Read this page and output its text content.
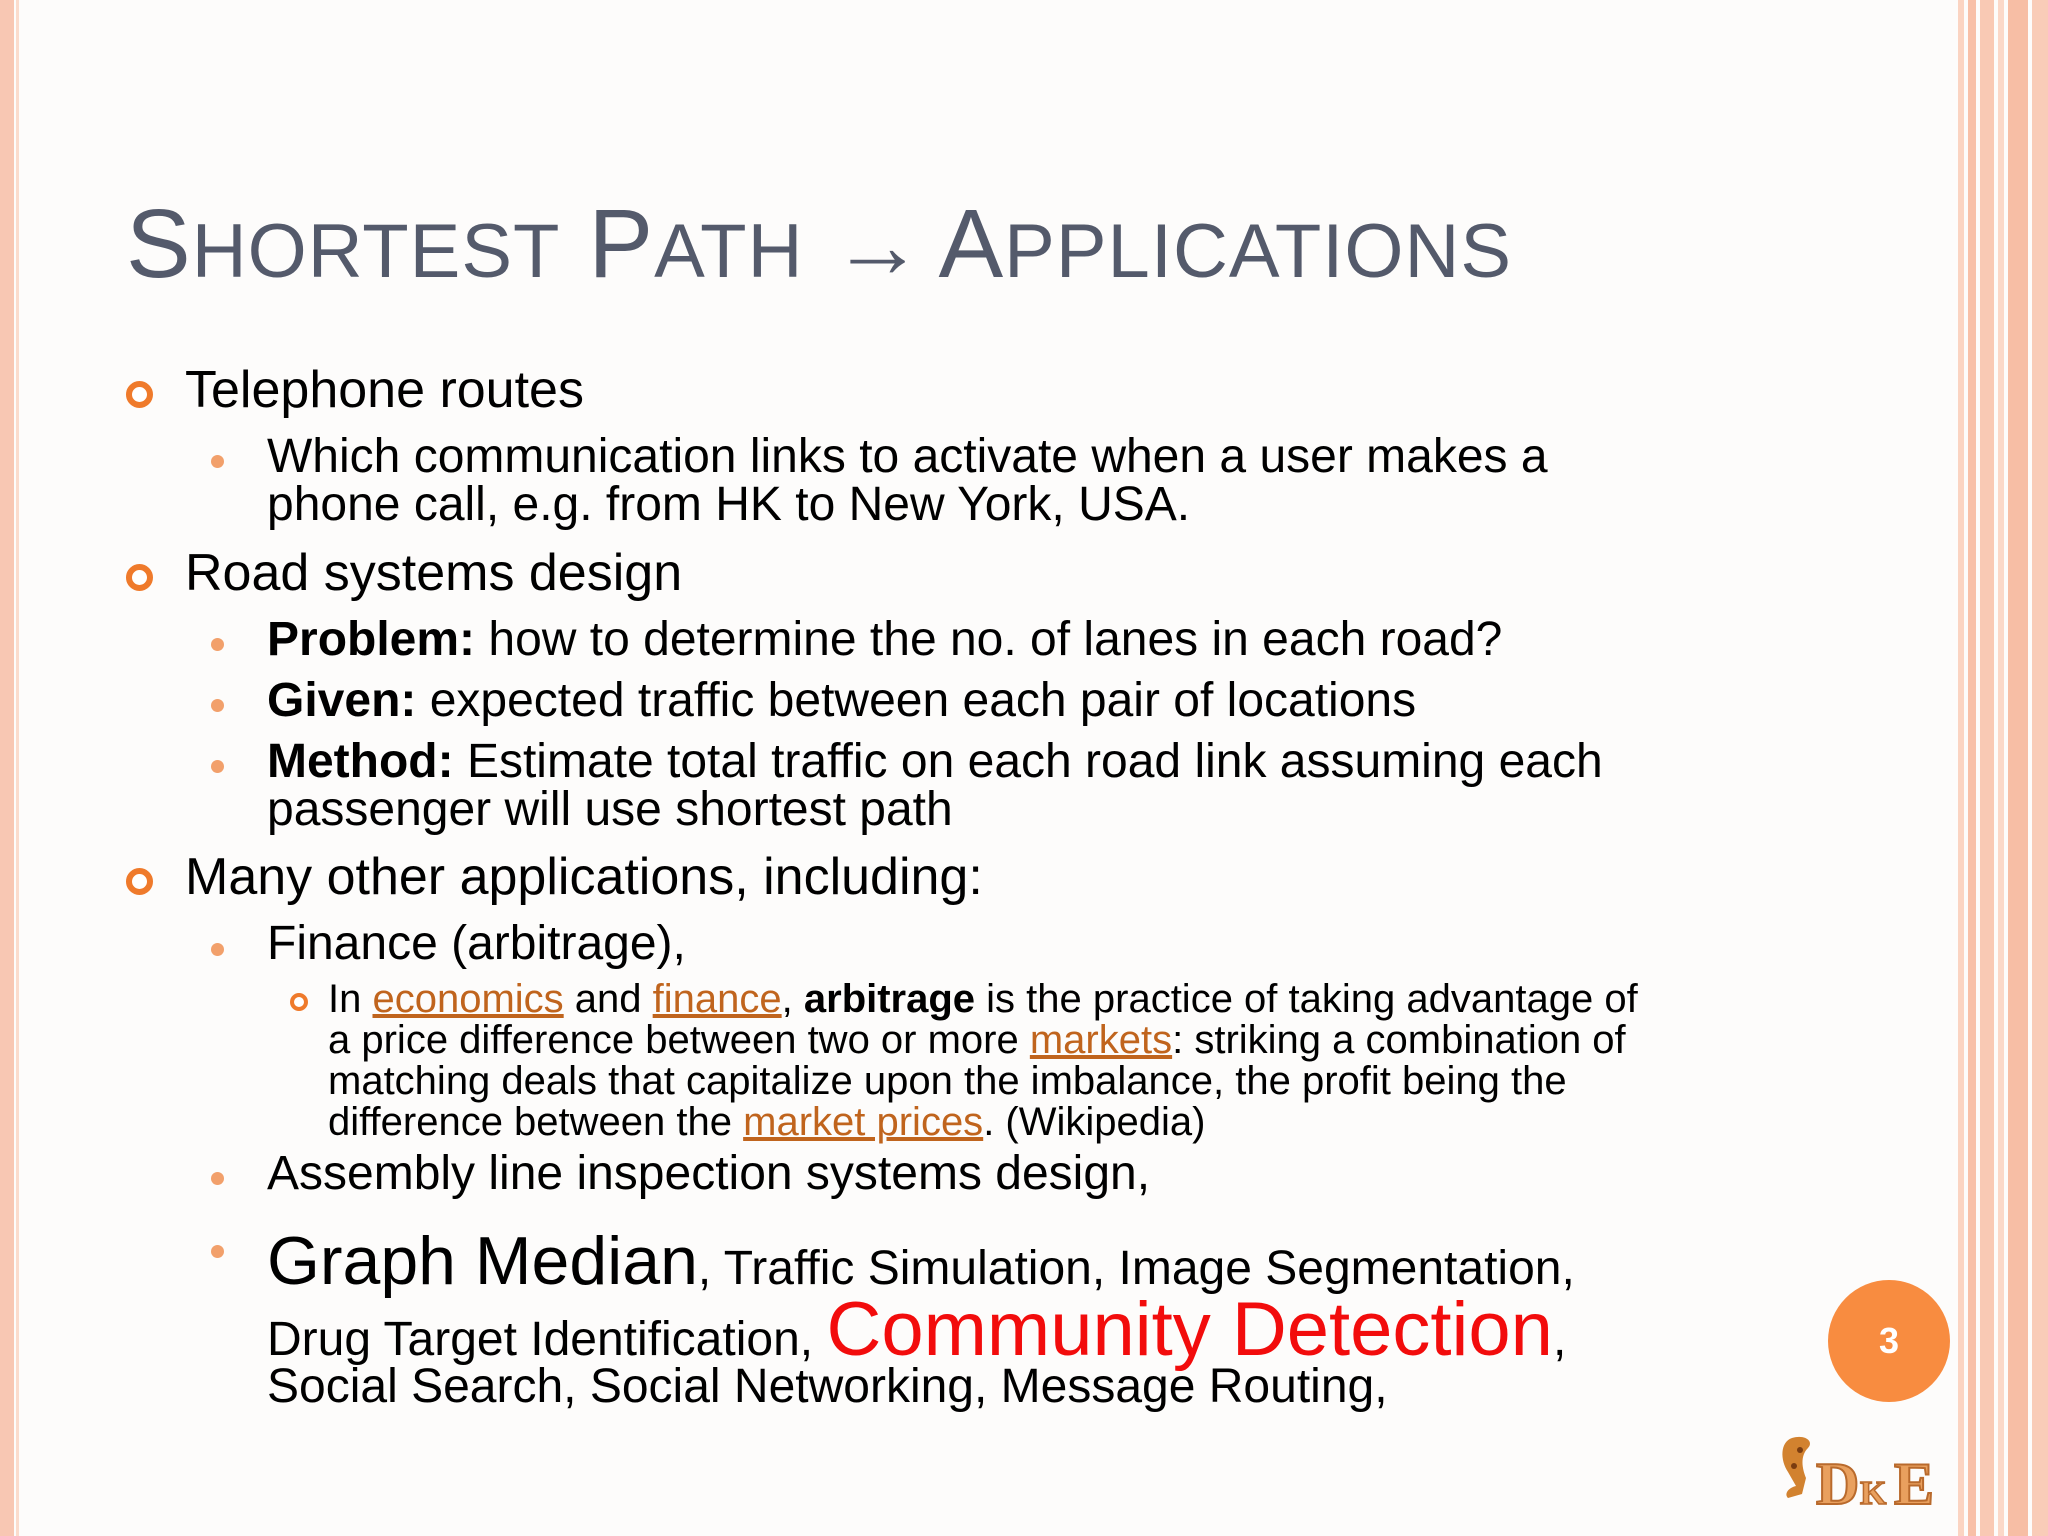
SHORTEST PATH → APPLICATIONS
Telephone routes
Which communication links to activate when a user makes a
phone call, e.g. from HK to New York, USA.
Road systems design
Problem: how to determine the no. of lanes in each road?
Given: expected traffic between each pair of locations
Method: Estimate total traffic on each road link assuming each
passenger will use shortest path
Many other applications, including:
Finance (arbitrage),
In economics and finance, arbitrage is the practice of taking advantage of
a price difference between two or more markets: striking a combination of
matching deals that capitalize upon the imbalance, the profit being the
difference between the market prices. (Wikipedia)
Assembly line inspection systems design,
Graph Median, Traffic Simulation, Image Segmentation,
Drug Target Identification, Community Detection,
Social Search, Social Networking, Message Routing,
3
D K E
